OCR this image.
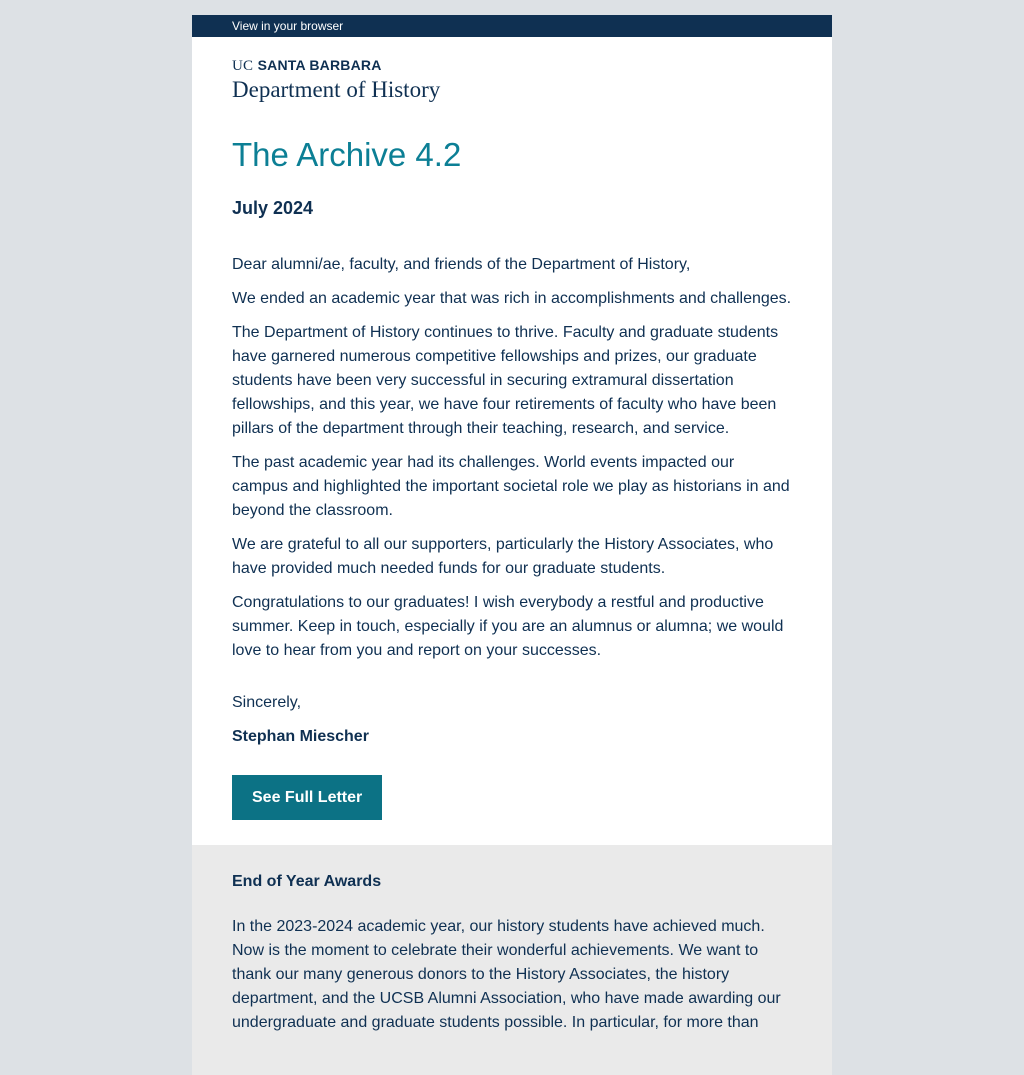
View in your browser
UC SANTA BARBARA
Department of History
The Archive 4.2
July 2024

Dear alumni/ae, faculty, and friends of the Department of History,

We ended an academic year that was rich in accomplishments and challenges.

The Department of History continues to thrive. Faculty and graduate students have garnered numerous competitive fellowships and prizes, our graduate students have been very successful in securing extramural dissertation fellowships, and this year, we have four retirements of faculty who have been pillars of the department through their teaching, research, and service.

The past academic year had its challenges. World events impacted our campus and highlighted the important societal role we play as historians in and beyond the classroom.

We are grateful to all our supporters, particularly the History Associates, who have provided much needed funds for our graduate students.

Congratulations to our graduates! I wish everybody a restful and productive summer. Keep in touch, especially if you are an alumnus or alumna; we would love to hear from you and report on your successes.

Sincerely,
Stephan Miescher
See Full Letter
End of Year Awards

In the 2023-2024 academic year, our history students have achieved much. Now is the moment to celebrate their wonderful achievements. We want to thank our many generous donors to the History Associates, the history department, and the UCSB Alumni Association, who have made awarding our undergraduate and graduate students possible. In particular, for more than
